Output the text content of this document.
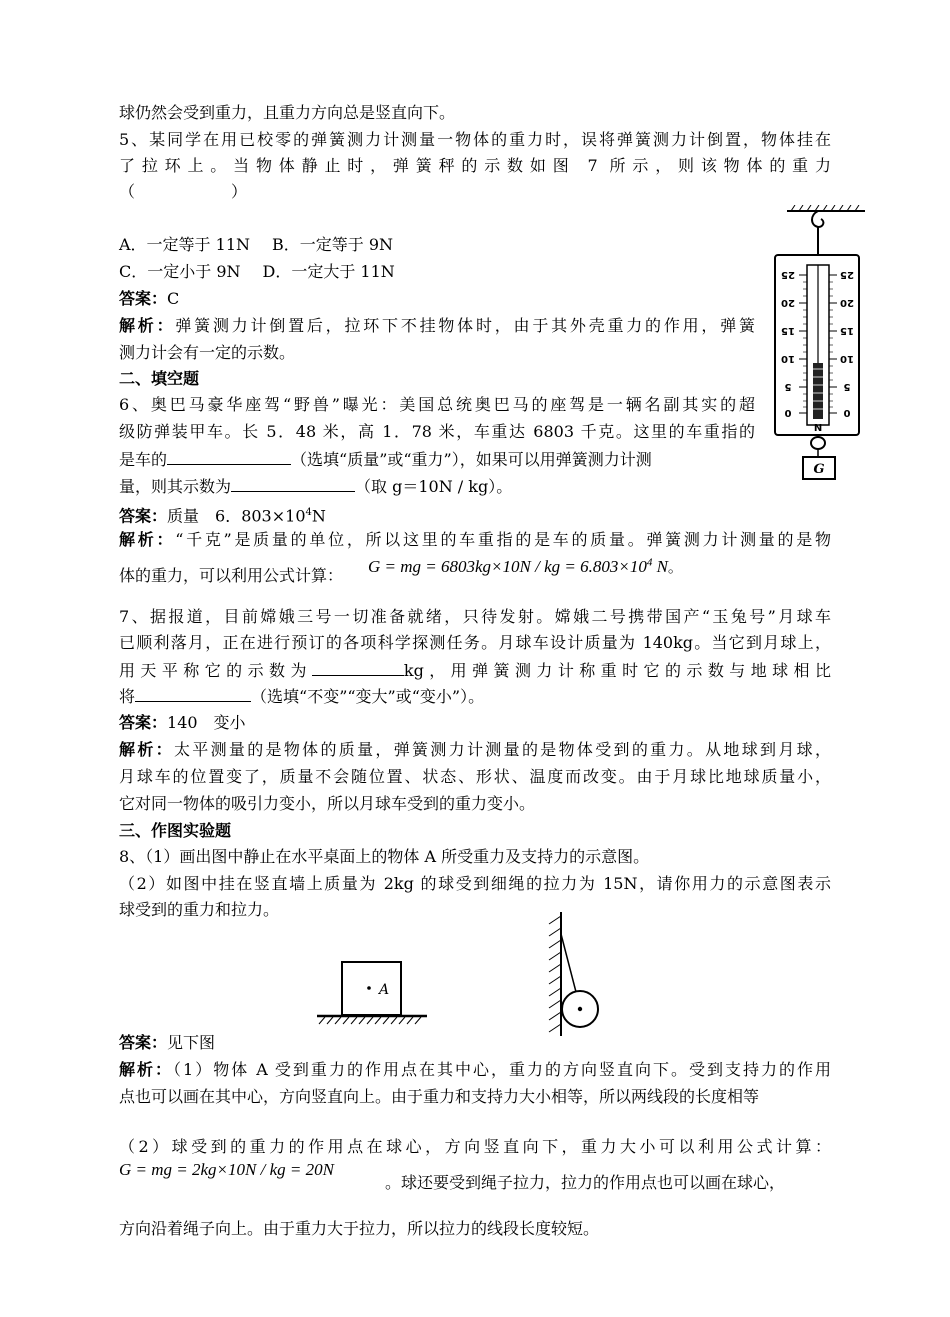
球仍然会受到重力，且重力方向总是竖直向下。
5、某同学在用已校零的弹簧测力计测量一物体的重力时，误将弹簧测力计倒置，物体挂在
了拉环上。当物体静止时，弹簧秤的示数如图 7 所示，则该物体的重力
（　　　　　　）
A．一定等于 11N B．一定等于 9N
C．一定小于 9N D．一定大于 11N
答案：C
解析：弹簧测力计倒置后，拉环下不挂物体时，由于其外壳重力的作用，弹簧
测力计会有一定的示数。
25
20
15
10
5
0
25
20
15
10
5
0
N
G
二、填空题
6、奥巴马豪华座驾“野兽”曝光：美国总统奥巴马的座驾是一辆名副其实的超
级防弹装甲车。长 5．48 米，高 1．78 米，车重达 6803 千克。这里的车重指的
是车的	（选填“质量”或“重力”），如果可以用弹簧测力计测
量，则其示数为	（取 g＝10N / kg）。
答案：质量　6．$803\times 10^4N$
解析：“千克”是质量的单位，所以这里的车重指的是车的质量。弹簧测力计测量的是物
体的重力，可以利用公式计算： G = mg = 6803kg×10N / kg = $6.803\times 10^4$ N。
7、据报道，目前嫦娥三号一切准备就绪，只待发射。嫦娥二号携带国产“玉兔号”月球车
已顺利落月，正在进行预订的各项科学探测任务。月球车设计质量为 140kg。当它到月球上，
用天平称它的示数为	kg，用弹簧测力计称重时它的示数与地球相比
将	（选填“不变”“变大”或“变小”）。
答案：140　变小
解析：太平测量的是物体的质量，弹簧测力计测量的是物体受到的重力。从地球到月球，
月球车的位置变了，质量不会随位置、状态、形状、温度而改变。由于月球比地球质量小，
它对同一物体的吸引力变小，所以月球车受到的重力变小。
三、作图实验题
8、（1）画出图中静止在水平桌面上的物体 A 所受重力及支持力的示意图。
（2）如图中挂在竖直墙上质量为 2kg 的球受到细绳的拉力为 15N，请你用力的示意图表示
球受到的重力和拉力。
A
答案：见下图
解析：（1）物体 A 受到重力的作用点在其中心，重力的方向竖直向下。受到支持力的作用
点也可以画在其中心，方向竖直向上。由于重力和支持力大小相等，所以两线段的长度相等
（2）球受到的重力的作用点在球心，方向竖直向下，重力大小可以利用公式计算：
G = mg = 2kg×10N / kg = 20N
。球还要受到绳子拉力，拉力的作用点也可以画在球心，
方向沿着绳子向上。由于重力大于拉力，所以拉力的线段长度较短。
